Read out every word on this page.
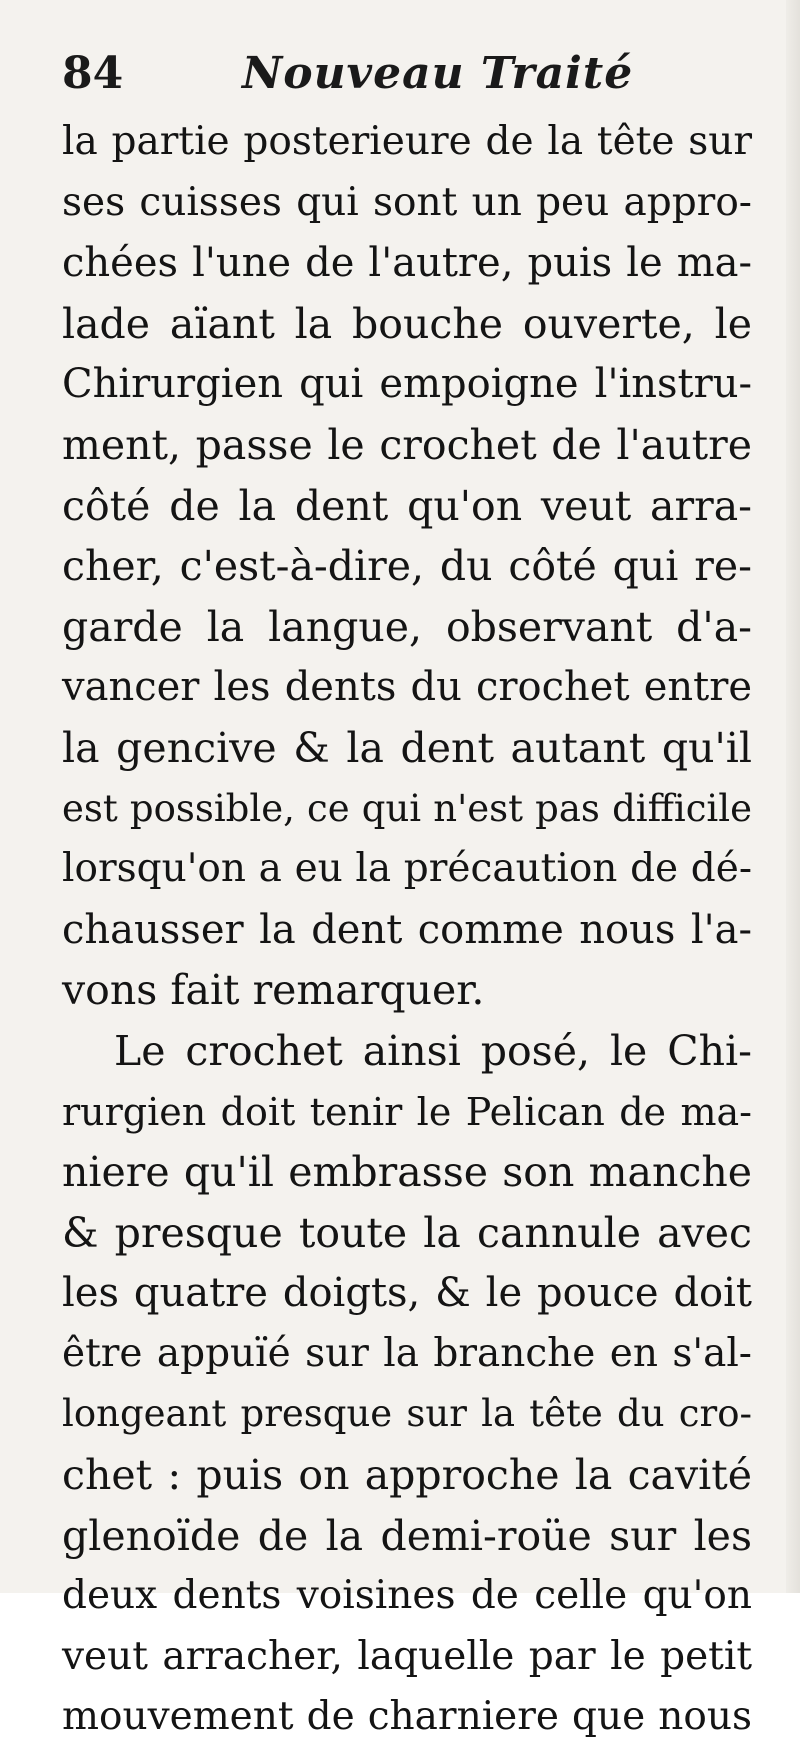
84	Nouveau Traité
la partie posterieure de la tête sur
ses cuisses qui sont un peu appro-
chées l'une de l'autre, puis le ma-
lade aïant la bouche ouverte, le
Chirurgien qui empoigne l'instru-
ment, passe le crochet de l'autre
côté de la dent qu'on veut arra-
cher, c'est-à-dire, du côté qui re-
garde la langue, observant d'a-
vancer les dents du crochet entre
la gencive & la dent autant qu'il
est possible, ce qui n'est pas difficile
lorsqu'on a eu la précaution de dé-
chausser la dent comme nous l'a-
vons fait remarquer.
Le crochet ainsi posé, le Chi-
rurgien doit tenir le Pelican de ma-
niere qu'il embrasse son manche
& presque toute la cannule avec
les quatre doigts, & le pouce doit
être appuïé sur la branche en s'al-
longeant presque sur la tête du cro-
chet : puis on approche la cavité
glenoïde de la demi-roüe sur les
deux dents voisines de celle qu'on
veut arracher, laquelle par le petit
mouvement de charniere que nous
